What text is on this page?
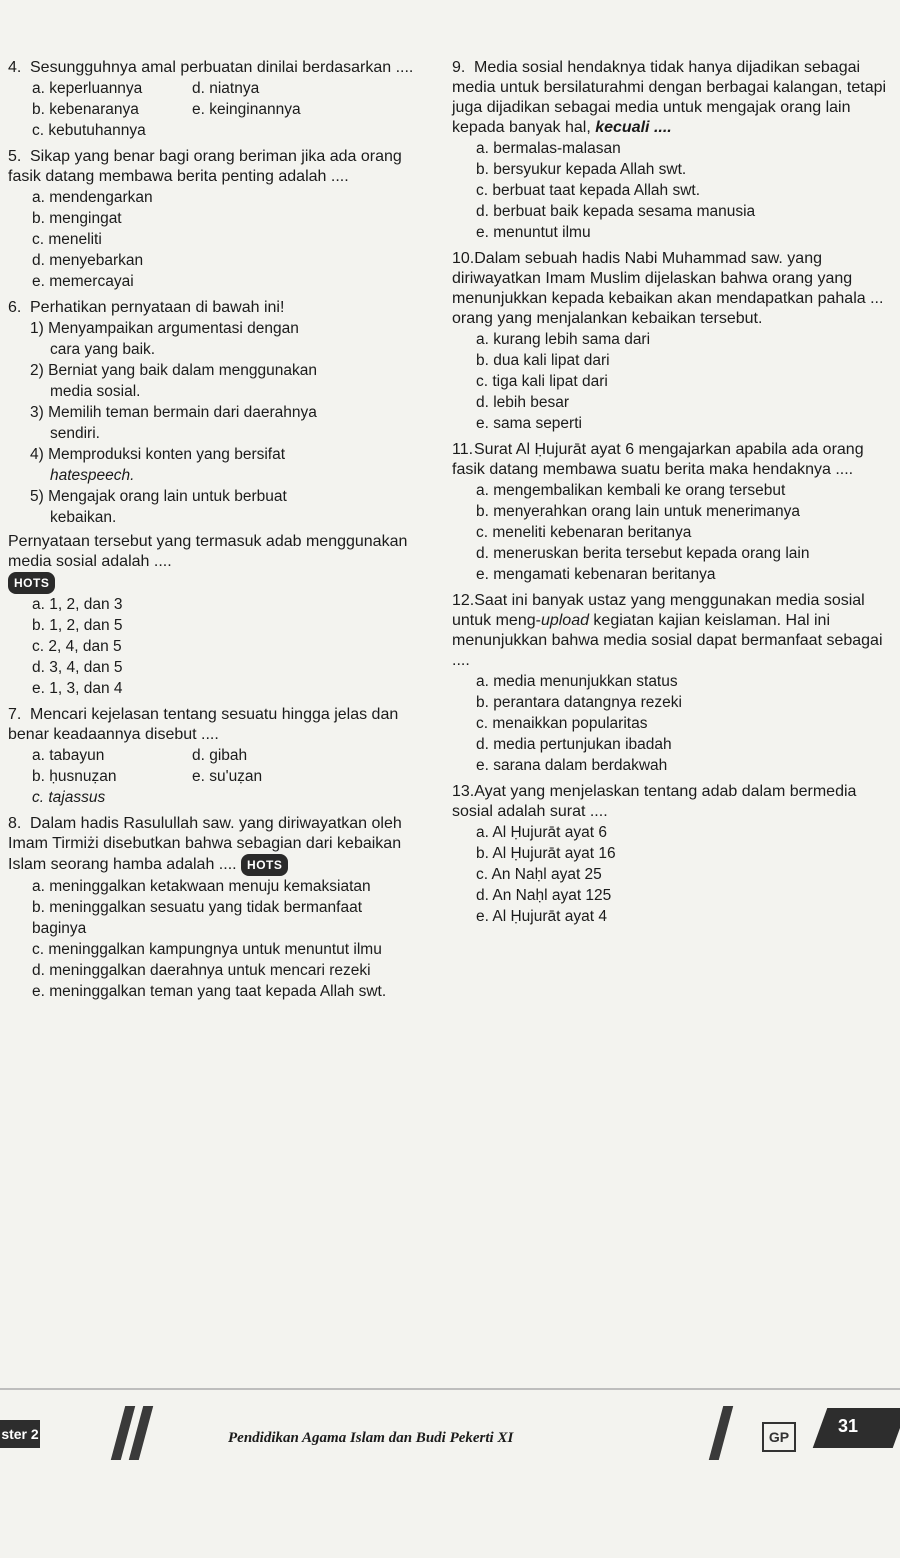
4. Sesungguhnya amal perbuatan dinilai berdasarkan ....
a. keperluannya	d. niatnya
b. kebenaranya	e. keinginannya
c. kebutuhannya
5. Sikap yang benar bagi orang beriman jika ada orang fasik datang membawa berita penting adalah ....
a. mendengarkan
b. mengingat
c. meneliti
d. menyebarkan
e. memercayai
6. Perhatikan pernyataan di bawah ini!
1) Menyampaikan argumentasi dengan
cara yang baik.
2) Berniat yang baik dalam menggunakan
media sosial.
3) Memilih teman bermain dari daerahnya
sendiri.
4) Memproduksi konten yang bersifat
hatespeech.
5) Mengajak orang lain untuk berbuat
kebaikan.
Pernyataan tersebut yang termasuk adab menggunakan media sosial adalah ....
HOTS
a. 1, 2, dan 3
b. 1, 2, dan 5
c. 2, 4, dan 5
d. 3, 4, dan 5
e. 1, 3, dan 4
7. Mencari kejelasan tentang sesuatu hingga jelas dan benar keadaannya disebut ....
a. tabayun	d. gibah
b. ḥusnuẓan	e. su'uẓan
c. tajassus
8. Dalam hadis Rasulullah saw. yang diriwayatkan oleh Imam Tirmiżi disebutkan bahwa sebagian dari kebaikan Islam seorang hamba adalah .... HOTS
a. meninggalkan ketakwaan menuju kemaksiatan
b. meninggalkan sesuatu yang tidak bermanfaat baginya
c. meninggalkan kampungnya untuk menuntut ilmu
d. meninggalkan daerahnya untuk mencari rezeki
e. meninggalkan teman yang taat kepada Allah swt.
9. Media sosial hendaknya tidak hanya dijadikan sebagai media untuk bersilaturahmi dengan berbagai kalangan, tetapi juga dijadikan sebagai media untuk mengajak orang lain kepada banyak hal, kecuali ....
a. bermalas-malasan
b. bersyukur kepada Allah swt.
c. berbuat taat kepada Allah swt.
d. berbuat baik kepada sesama manusia
e. menuntut ilmu
10.Dalam sebuah hadis Nabi Muhammad saw. yang diriwayatkan Imam Muslim dijelaskan bahwa orang yang menunjukkan kepada kebaikan akan mendapatkan pahala ... orang yang menjalankan kebaikan tersebut.
a. kurang lebih sama dari
b. dua kali lipat dari
c. tiga kali lipat dari
d. lebih besar
e. sama seperti
11.Surat Al Ḥujurāt ayat 6 mengajarkan apabila ada orang fasik datang membawa suatu berita maka hendaknya ....
a. mengembalikan kembali ke orang tersebut
b. menyerahkan orang lain untuk menerimanya
c. meneliti kebenaran beritanya
d. meneruskan berita tersebut kepada orang lain
e. mengamati kebenaran beritanya
12.Saat ini banyak ustaz yang menggunakan media sosial untuk meng-upload kegiatan kajian keislaman. Hal ini menunjukkan bahwa media sosial dapat bermanfaat sebagai ....
a. media menunjukkan status
b. perantara datangnya rezeki
c. menaikkan popularitas
d. media pertunjukan ibadah
e. sarana dalam berdakwah
13.Ayat yang menjelaskan tentang adab dalam bermedia sosial adalah surat ....
a. Al Ḥujurāt ayat 6
b. Al Ḥujurāt ayat 16
c. An Naḥl ayat 25
d. An Naḥl ayat 125
e. Al Ḥujurāt ayat 4
ster 2	Pendidikan Agama Islam dan Budi Pekerti XI	GP
31
